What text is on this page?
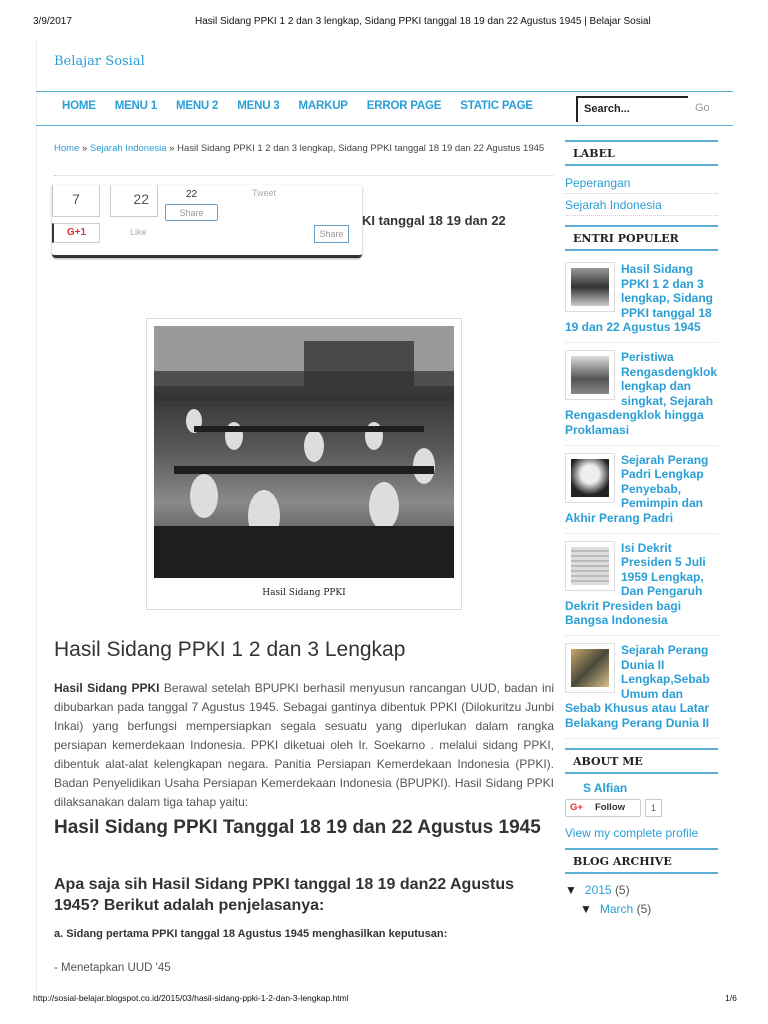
3/9/2017	Hasil Sidang PPKI 1 2 dan 3 lengkap, Sidang PPKI tanggal 18 19 dan 22 Agustus 1945 | Belajar Sosial
Belajar Sosial
HOME MENU 1 MENU 2 MENU 3 MARKUP ERROR PAGE STATIC PAGE	Search...	Go
Home » Sejarah Indonesia » Hasil Sidang PPKI 1 2 dan 3 lengkap, Sidang PPKI tanggal 18 19 dan 22 Agustus 1945
KI tanggal 18 19 dan 22
7	22	22
Share
Tweet
G+1	Like	Share
Hasil Sidang PPKI
Hasil Sidang PPKI 1 2 dan 3 Lengkap
Hasil Sidang PPKI Berawal setelah BPUPKI berhasil menyusun rancangan UUD, badan ini dibubarkan pada tanggal 7 Agustus 1945. Sebagai gantinya dibentuk PPKI (Dilokuritzu Junbi Inkai) yang berfungsi mempersiapkan segala sesuatu yang diperlukan dalam rangka persiapan kemerdekaan Indonesia. PPKI diketuai oleh Ir. Soekarno . melalui sidang PPKI, dibentuk alat-alat kelengkapan negara. Panitia Persiapan Kemerdekaan Indonesia (PPKI). Badan Penyelidikan Usaha Persiapan Kemerdekaan Indonesia (BPUPKI). Hasil Sidang PPKI dilaksanakan dalam tiga tahap yaitu:
Hasil Sidang PPKI Tanggal 18 19 dan 22 Agustus 1945
Apa saja sih Hasil Sidang PPKI tanggal 18 19 dan22 Agustus 1945? Berikut adalah penjelasanya:
a. Sidang pertama PPKI tanggal 18 Agustus 1945 menghasilkan keputusan:
- Menetapkan UUD '45
LABEL
Peperangan
Sejarah Indonesia
ENTRI POPULER
Hasil Sidang PPKI 1 2 dan 3 lengkap, Sidang PPKI tanggal 18 19 dan 22 Agustus 1945
Peristiwa Rengasdengklok lengkap dan singkat, Sejarah Rengasdengklok hingga Proklamasi
Sejarah Perang Padri Lengkap Penyebab, Pemimpin dan Akhir Perang Padri
Isi Dekrit Presiden 5 Juli 1959 Lengkap, Dan Pengaruh Dekrit Presiden bagi Bangsa Indonesia
Sejarah Perang Dunia II Lengkap,Sebab Umum dan Sebab Khusus atau Latar Belakang Perang Dunia II
ABOUT ME
S Alfian
G+ Follow	1
View my complete profile
BLOG ARCHIVE
▼ 2015 (5)
▼ March (5)
http://sosial-belajar.blogspot.co.id/2015/03/hasil-sidang-ppki-1-2-dan-3-lengkap.html	1/6
